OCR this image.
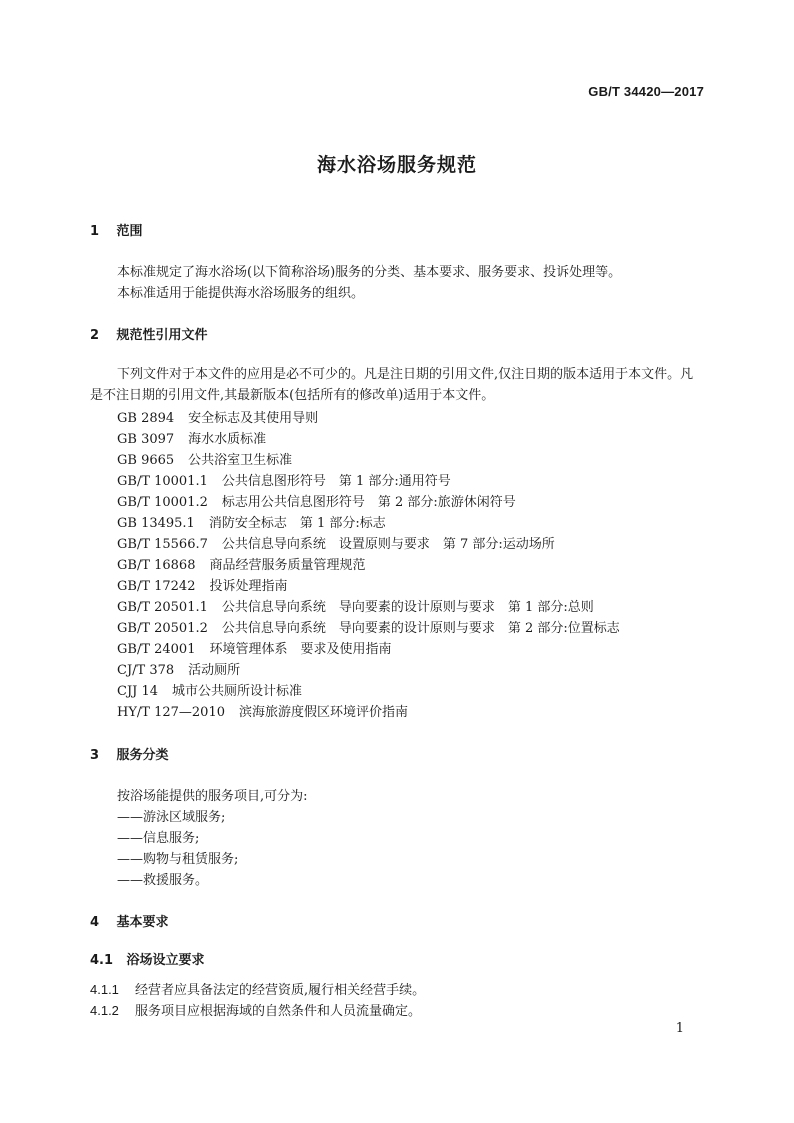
GB/T 34420—2017
海水浴场服务规范
1 范围
本标准规定了海水浴场(以下简称浴场)服务的分类、基本要求、服务要求、投诉处理等。
本标准适用于能提供海水浴场服务的组织。
2 规范性引用文件
下列文件对于本文件的应用是必不可少的。凡是注日期的引用文件,仅注日期的版本适用于本文件。凡是不注日期的引用文件,其最新版本(包括所有的修改单)适用于本文件。
GB 2894 安全标志及其使用导则
GB 3097 海水水质标准
GB 9665 公共浴室卫生标准
GB/T 10001.1 公共信息图形符号　第 1 部分:通用符号
GB/T 10001.2 标志用公共信息图形符号　第 2 部分:旅游休闲符号
GB 13495.1 消防安全标志　第 1 部分:标志
GB/T 15566.7 公共信息导向系统　设置原则与要求　第 7 部分:运动场所
GB/T 16868 商品经营服务质量管理规范
GB/T 17242 投诉处理指南
GB/T 20501.1 公共信息导向系统　导向要素的设计原则与要求　第 1 部分:总则
GB/T 20501.2 公共信息导向系统　导向要素的设计原则与要求　第 2 部分:位置标志
GB/T 24001 环境管理体系　要求及使用指南
CJ/T 378 活动厕所
CJJ 14 城市公共厕所设计标准
HY/T 127—2010 滨海旅游度假区环境评价指南
3 服务分类
按浴场能提供的服务项目,可分为:
——游泳区域服务;
——信息服务;
——购物与租赁服务;
——救援服务。
4 基本要求
4.1 浴场设立要求
4.1.1 经营者应具备法定的经营资质,履行相关经营手续。
4.1.2 服务项目应根据海域的自然条件和人员流量确定。
1
